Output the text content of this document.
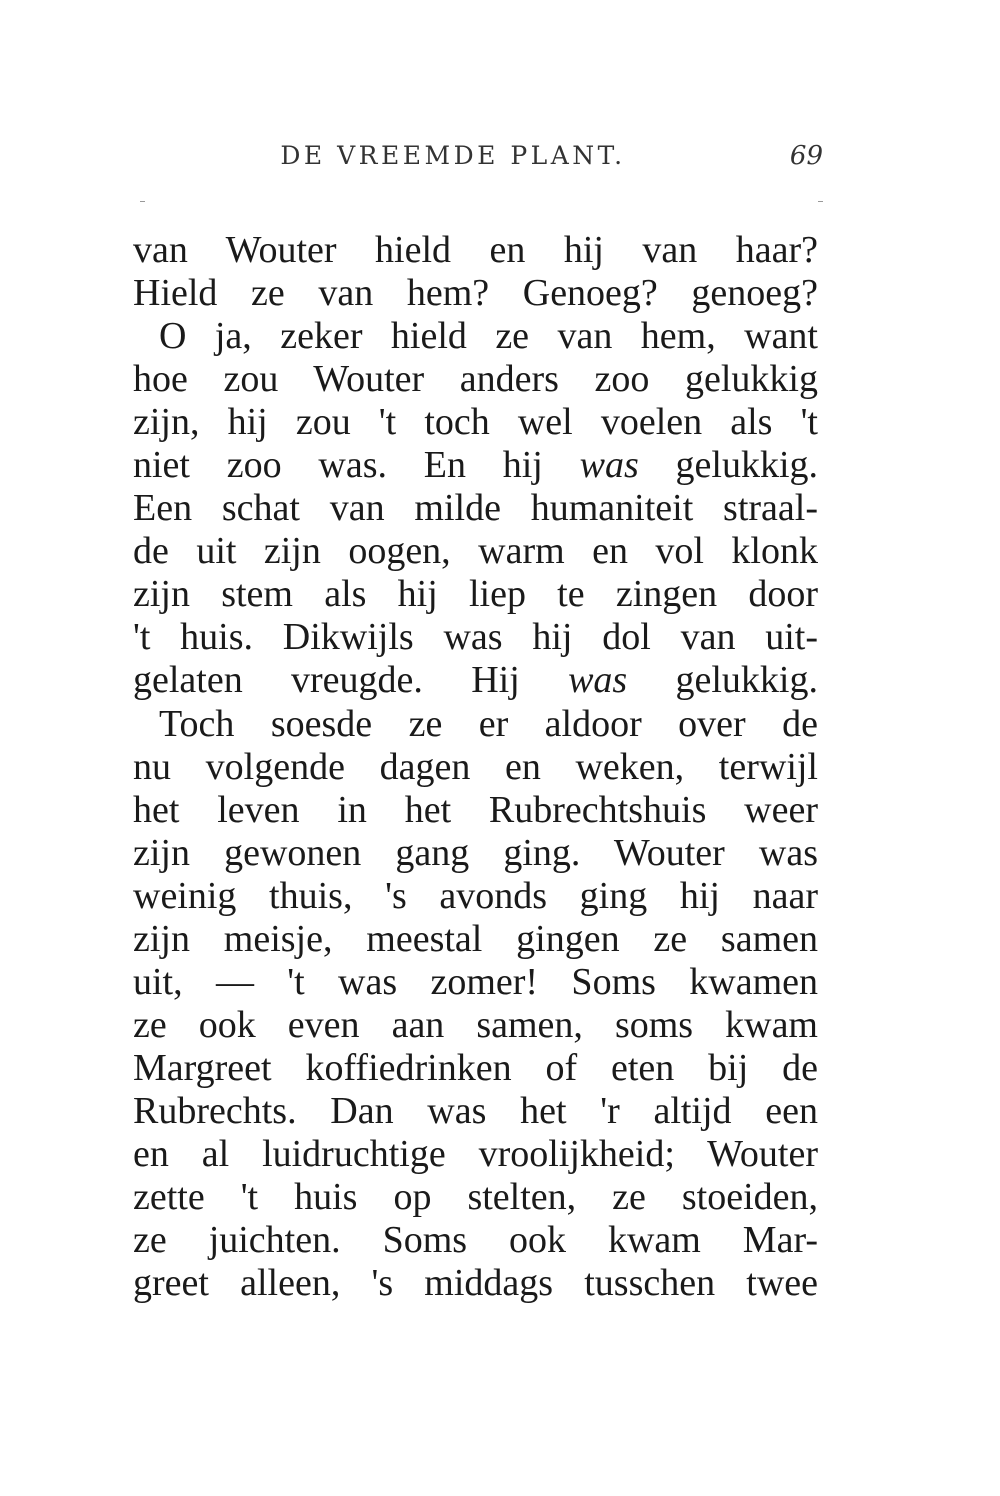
DE VREEMDE PLANT.	69
van Wouter hield en hij van haar?
Hield ze van hem? Genoeg? genoeg?
O ja, zeker hield ze van hem, want
hoe zou Wouter anders zoo gelukkig
zijn, hij zou 't toch wel voelen als 't
niet zoo was. En hij was gelukkig.
Een schat van milde humaniteit straal-
de uit zijn oogen, warm en vol klonk
zijn stem als hij liep te zingen door
't huis. Dikwijls was hij dol van uit-
gelaten vreugde. Hij was gelukkig.
Toch soesde ze er aldoor over de
nu volgende dagen en weken, terwijl
het leven in het Rubrechtshuis weer
zijn gewonen gang ging. Wouter was
weinig thuis, 's avonds ging hij naar
zijn meisje, meestal gingen ze samen
uit, — 't was zomer! Soms kwamen
ze ook even aan samen, soms kwam
Margreet koffiedrinken of eten bij de
Rubrechts. Dan was het 'r altijd een
en al luidruchtige vroolijkheid; Wouter
zette 't huis op stelten, ze stoeiden,
ze juichten. Soms ook kwam Mar-
greet alleen, 's middags tusschen twee
